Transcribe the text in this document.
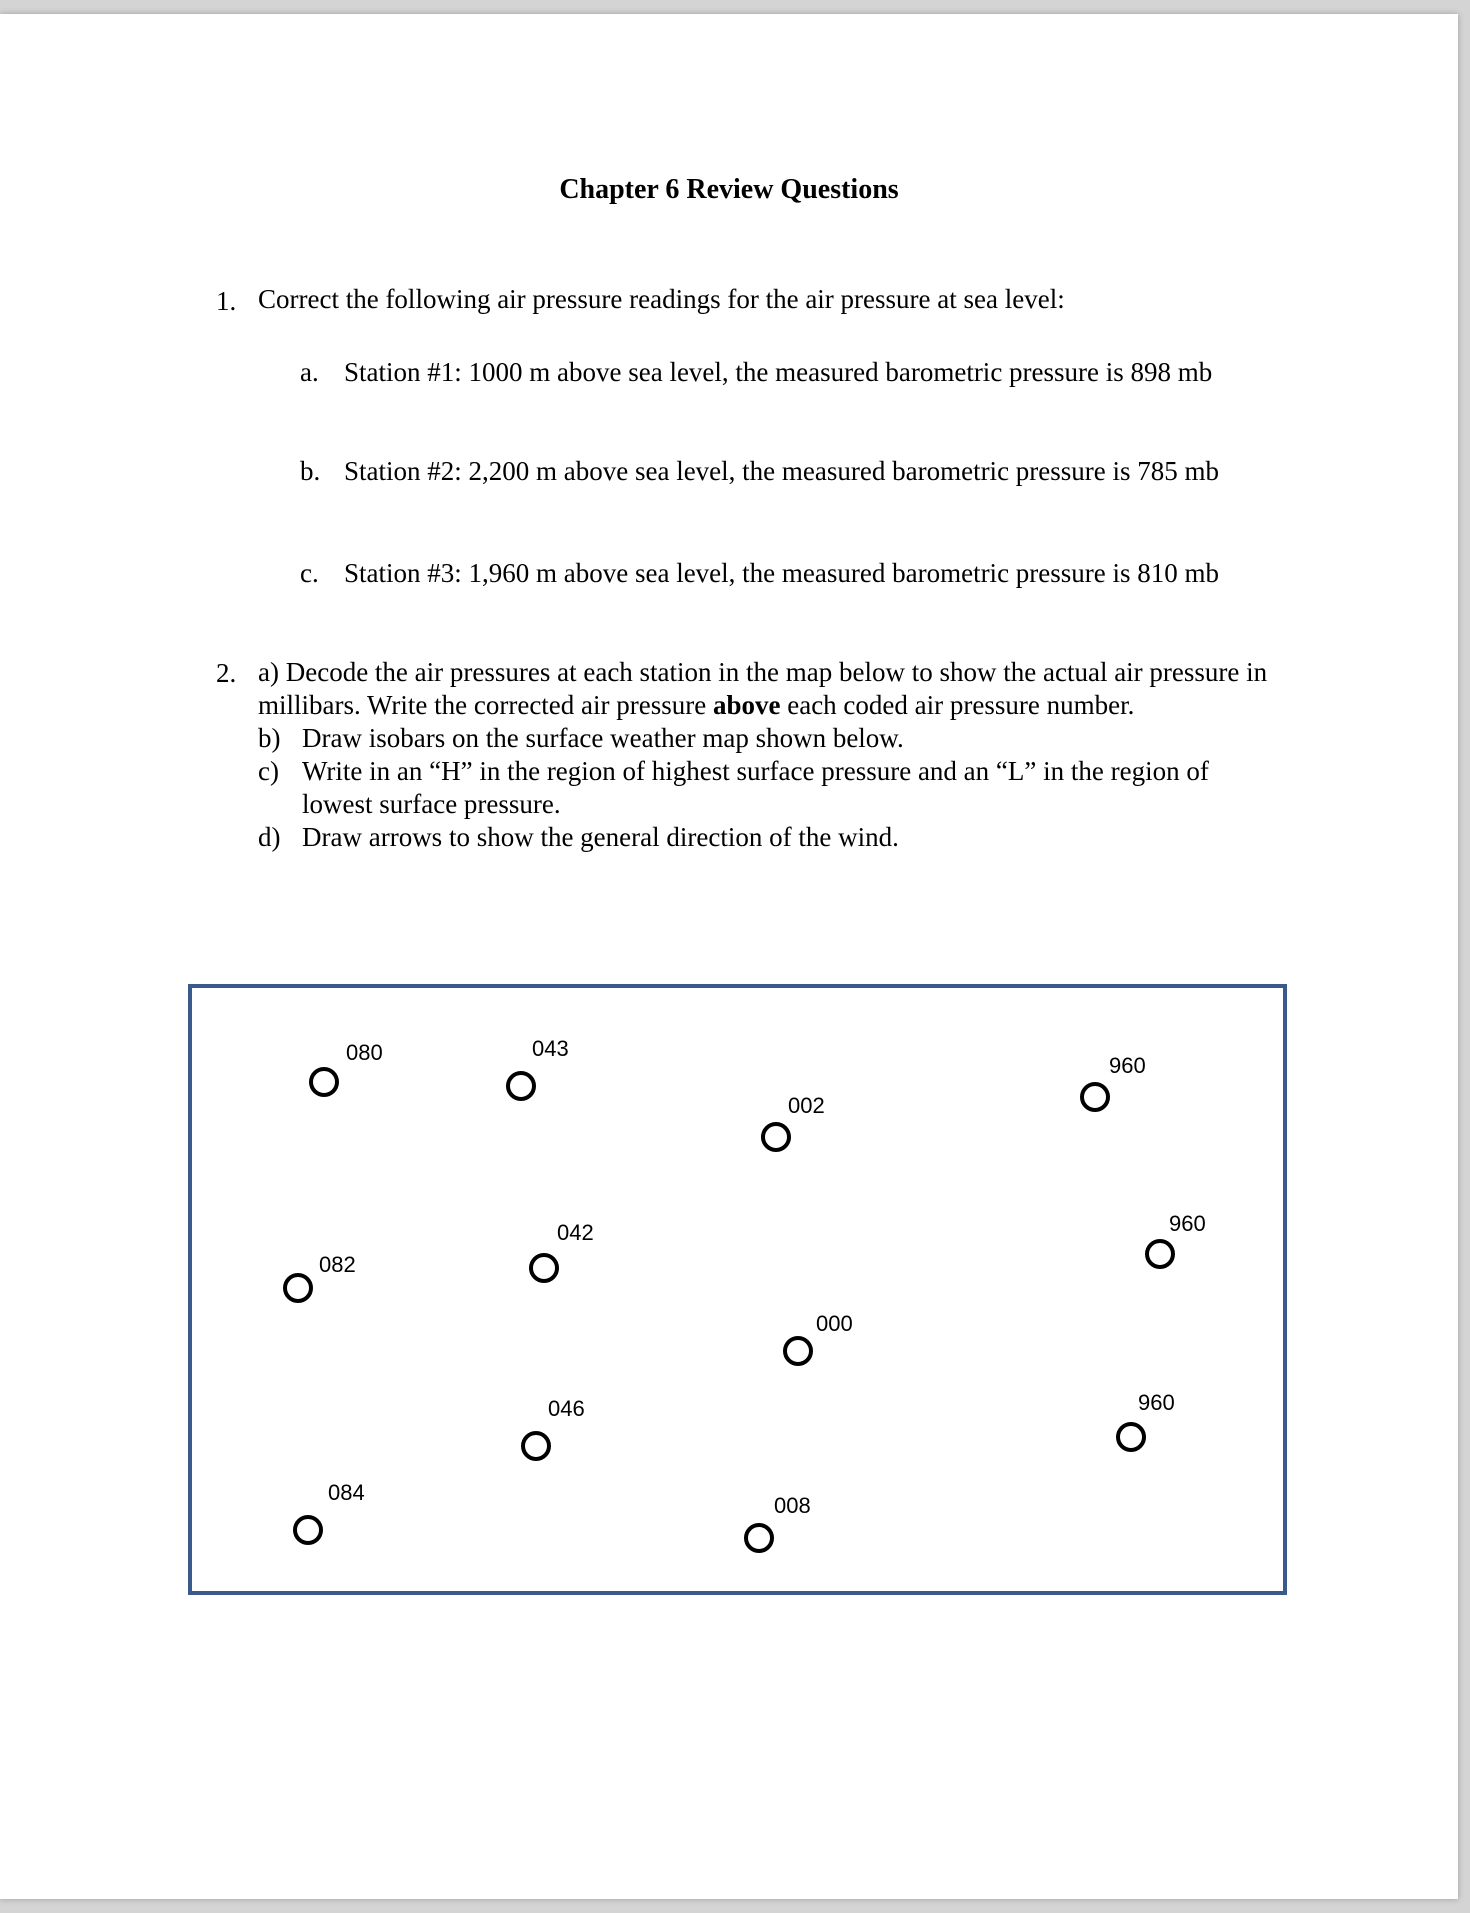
Chapter 6 Review Questions
1. Correct the following air pressure readings for the air pressure at sea level:
a. Station #1: 1000 m above sea level, the measured barometric pressure is 898 mb
b. Station #2: 2,200 m above sea level, the measured barometric pressure is 785 mb
c. Station #3: 1,960 m above sea level, the measured barometric pressure is 810 mb
2. a) Decode the air pressures at each station in the map below to show the actual air pressure in millibars. Write the corrected air pressure above each coded air pressure number.
b) Draw isobars on the surface weather map shown below.
c) Write in an “H” in the region of highest surface pressure and an “L” in the region of lowest surface pressure.
d) Draw arrows to show the general direction of the wind.
080	043
002
960
082
042	960
000
046	960
084
008
